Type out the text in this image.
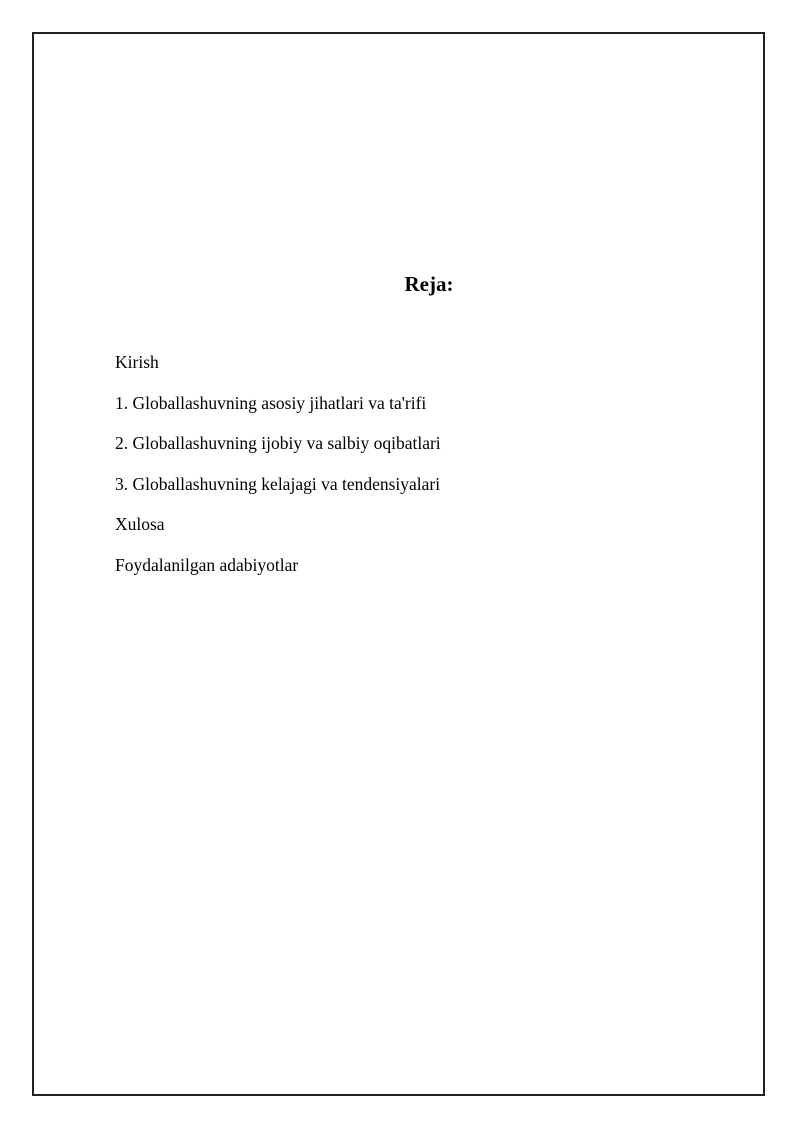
Reja:
Kirish
1. Globallashuvning asosiy jihatlari va ta'rifi
2. Globallashuvning ijobiy va salbiy oqibatlari
3. Globallashuvning kelajagi va tendensiyalari
Xulosa
Foydalanilgan adabiyotlar
